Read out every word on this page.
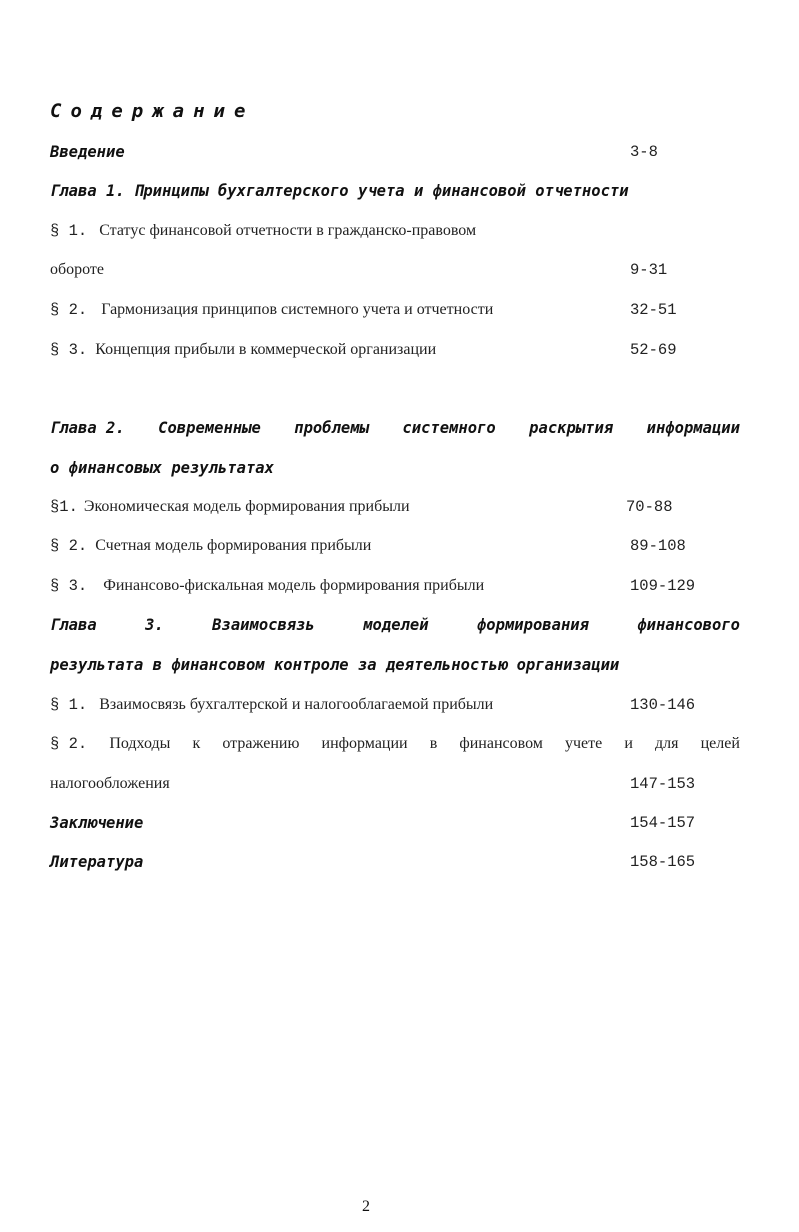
Содержание
Введение	3-8
Глава 1. Принципы бухгалтерского учета и финансовой отчетности
§ 1. Статус финансовой отчетности в гражданско-правовом
обороте	9-31
§ 2. Гармонизация принципов системного учета и отчетности	32-51
§ 3. Концепция прибыли в коммерческой организации	52-69
Глава 2. Современные проблемы системного раскрытия информации
о финансовых результатах
§1. Экономическая модель формирования прибыли	70-88
§ 2. Счетная модель формирования прибыли	89-108
§ 3. Финансово-фискальная модель формирования прибыли	109-129
Глава	3.	Взаимосвязь	моделей	формирования	финансового
результата в финансовом контроле за деятельностью организации
§ 1. Взаимосвязь бухгалтерской и налогооблагаемой прибыли	130-146
§ 2. Подходы к отражению информации в финансовом учете и для целей
налогообложения	147-153
Заключение	154-157
Литература	158-165
2
